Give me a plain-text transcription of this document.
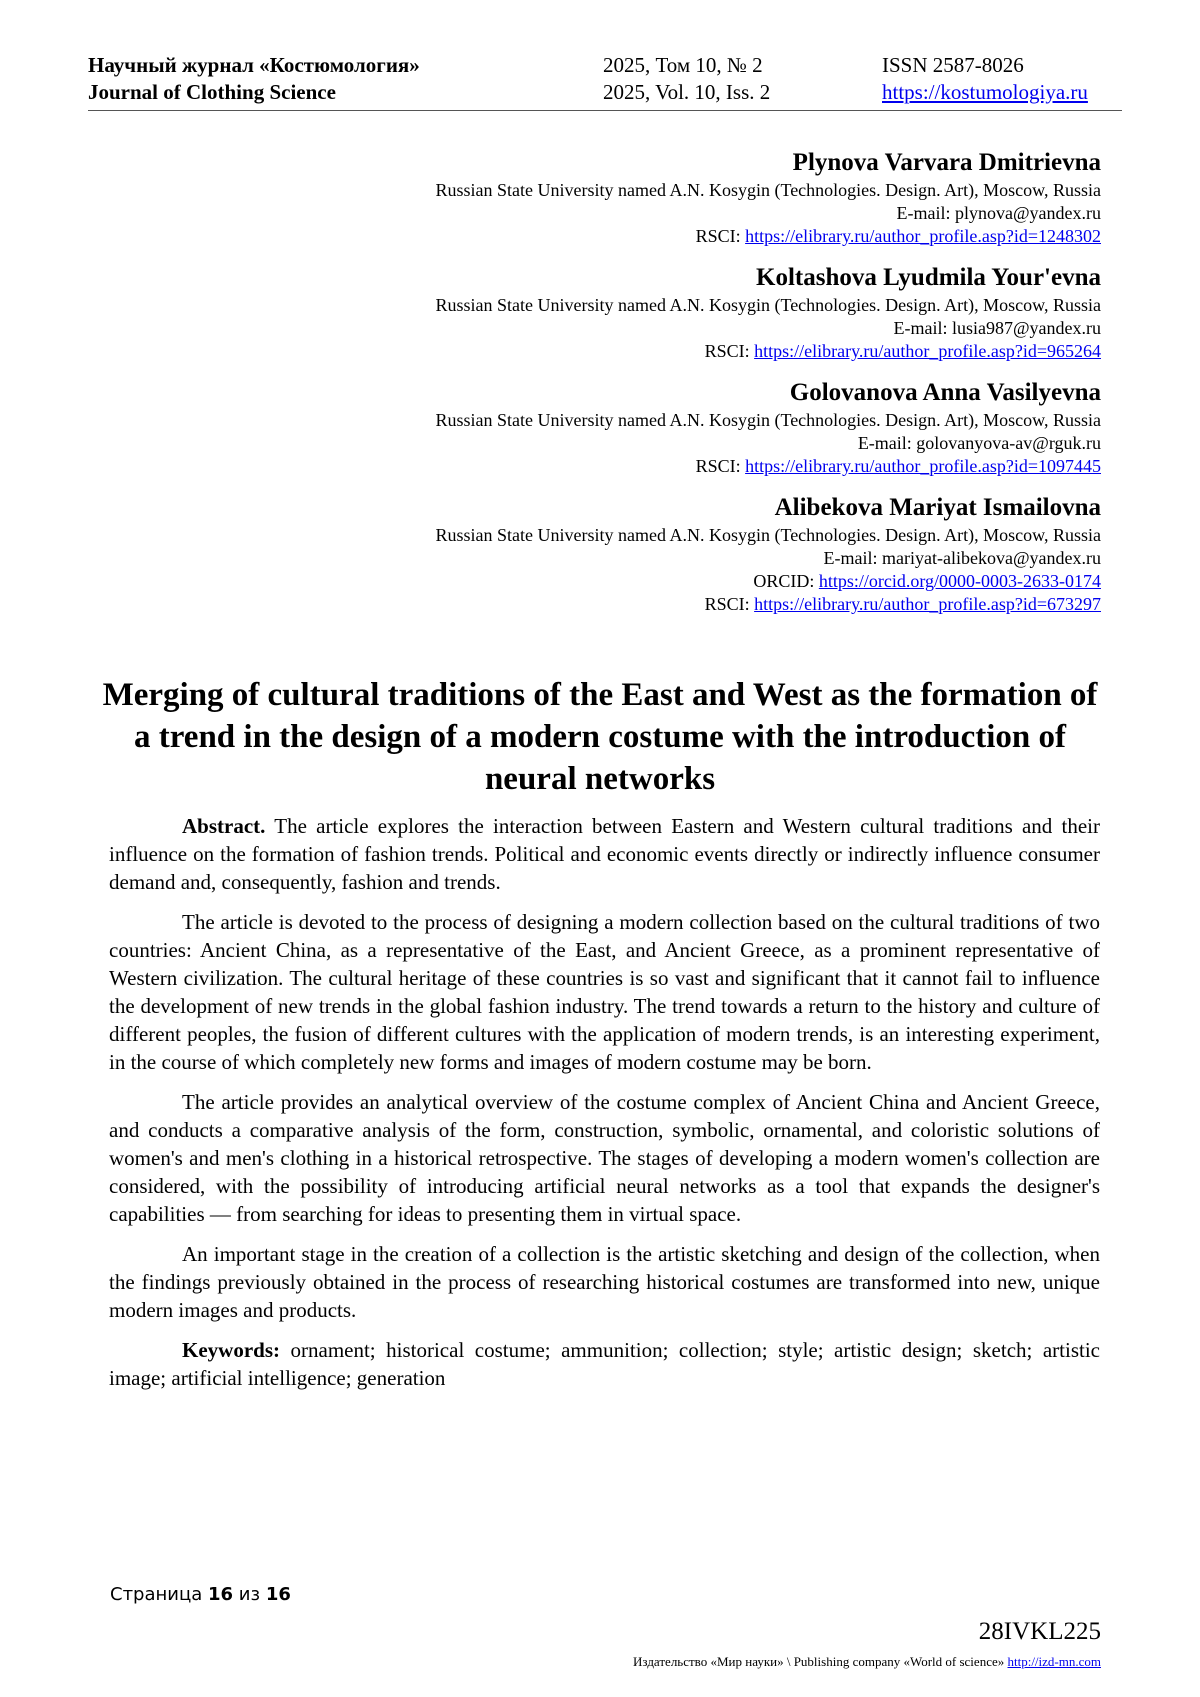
Научный журнал «Костюмология»
Journal of Clothing Science
2025, Том 10, № 2
2025, Vol. 10, Iss. 2
ISSN 2587-8026
https://kostumologiya.ru
Plynova Varvara Dmitrievna
Russian State University named A.N. Kosygin (Technologies. Design. Art), Moscow, Russia
E-mail: plynova@yandex.ru
RSCI: https://elibrary.ru/author_profile.asp?id=1248302
Koltashova Lyudmila Your'evna
Russian State University named A.N. Kosygin (Technologies. Design. Art), Moscow, Russia
E-mail: lusia987@yandex.ru
RSCI: https://elibrary.ru/author_profile.asp?id=965264
Golovanova Anna Vasilyevna
Russian State University named A.N. Kosygin (Technologies. Design. Art), Moscow, Russia
E-mail: golovanyova-av@rguk.ru
RSCI: https://elibrary.ru/author_profile.asp?id=1097445
Alibekova Mariyat Ismailovna
Russian State University named A.N. Kosygin (Technologies. Design. Art), Moscow, Russia
E-mail: mariyat-alibekova@yandex.ru
ORCID: https://orcid.org/0000-0003-2633-0174
RSCI: https://elibrary.ru/author_profile.asp?id=673297
Merging of cultural traditions of the East and West as the formation of a trend in the design of a modern costume with the introduction of neural networks

Abstract. The article explores the interaction between Eastern and Western cultural traditions and their influence on the formation of fashion trends. Political and economic events directly or indirectly influence consumer demand and, consequently, fashion and trends.

The article is devoted to the process of designing a modern collection based on the cultural traditions of two countries: Ancient China, as a representative of the East, and Ancient Greece, as a prominent representative of Western civilization. The cultural heritage of these countries is so vast and significant that it cannot fail to influence the development of new trends in the global fashion industry. The trend towards a return to the history and culture of different peoples, the fusion of different cultures with the application of modern trends, is an interesting experiment, in the course of which completely new forms and images of modern costume may be born.

The article provides an analytical overview of the costume complex of Ancient China and Ancient Greece, and conducts a comparative analysis of the form, construction, symbolic, ornamental, and coloristic solutions of women's and men's clothing in a historical retrospective. The stages of developing a modern women's collection are considered, with the possibility of introducing artificial neural networks as a tool that expands the designer's capabilities — from searching for ideas to presenting them in virtual space.

An important stage in the creation of a collection is the artistic sketching and design of the collection, when the findings previously obtained in the process of researching historical costumes are transformed into new, unique modern images and products.

Keywords: ornament; historical costume; ammunition; collection; style; artistic design; sketch; artistic image; artificial intelligence; generation

Страница 16 из 16
28IVKL225
Издательство «Мир науки» \ Publishing company «World of science» http://izd-mn.com
